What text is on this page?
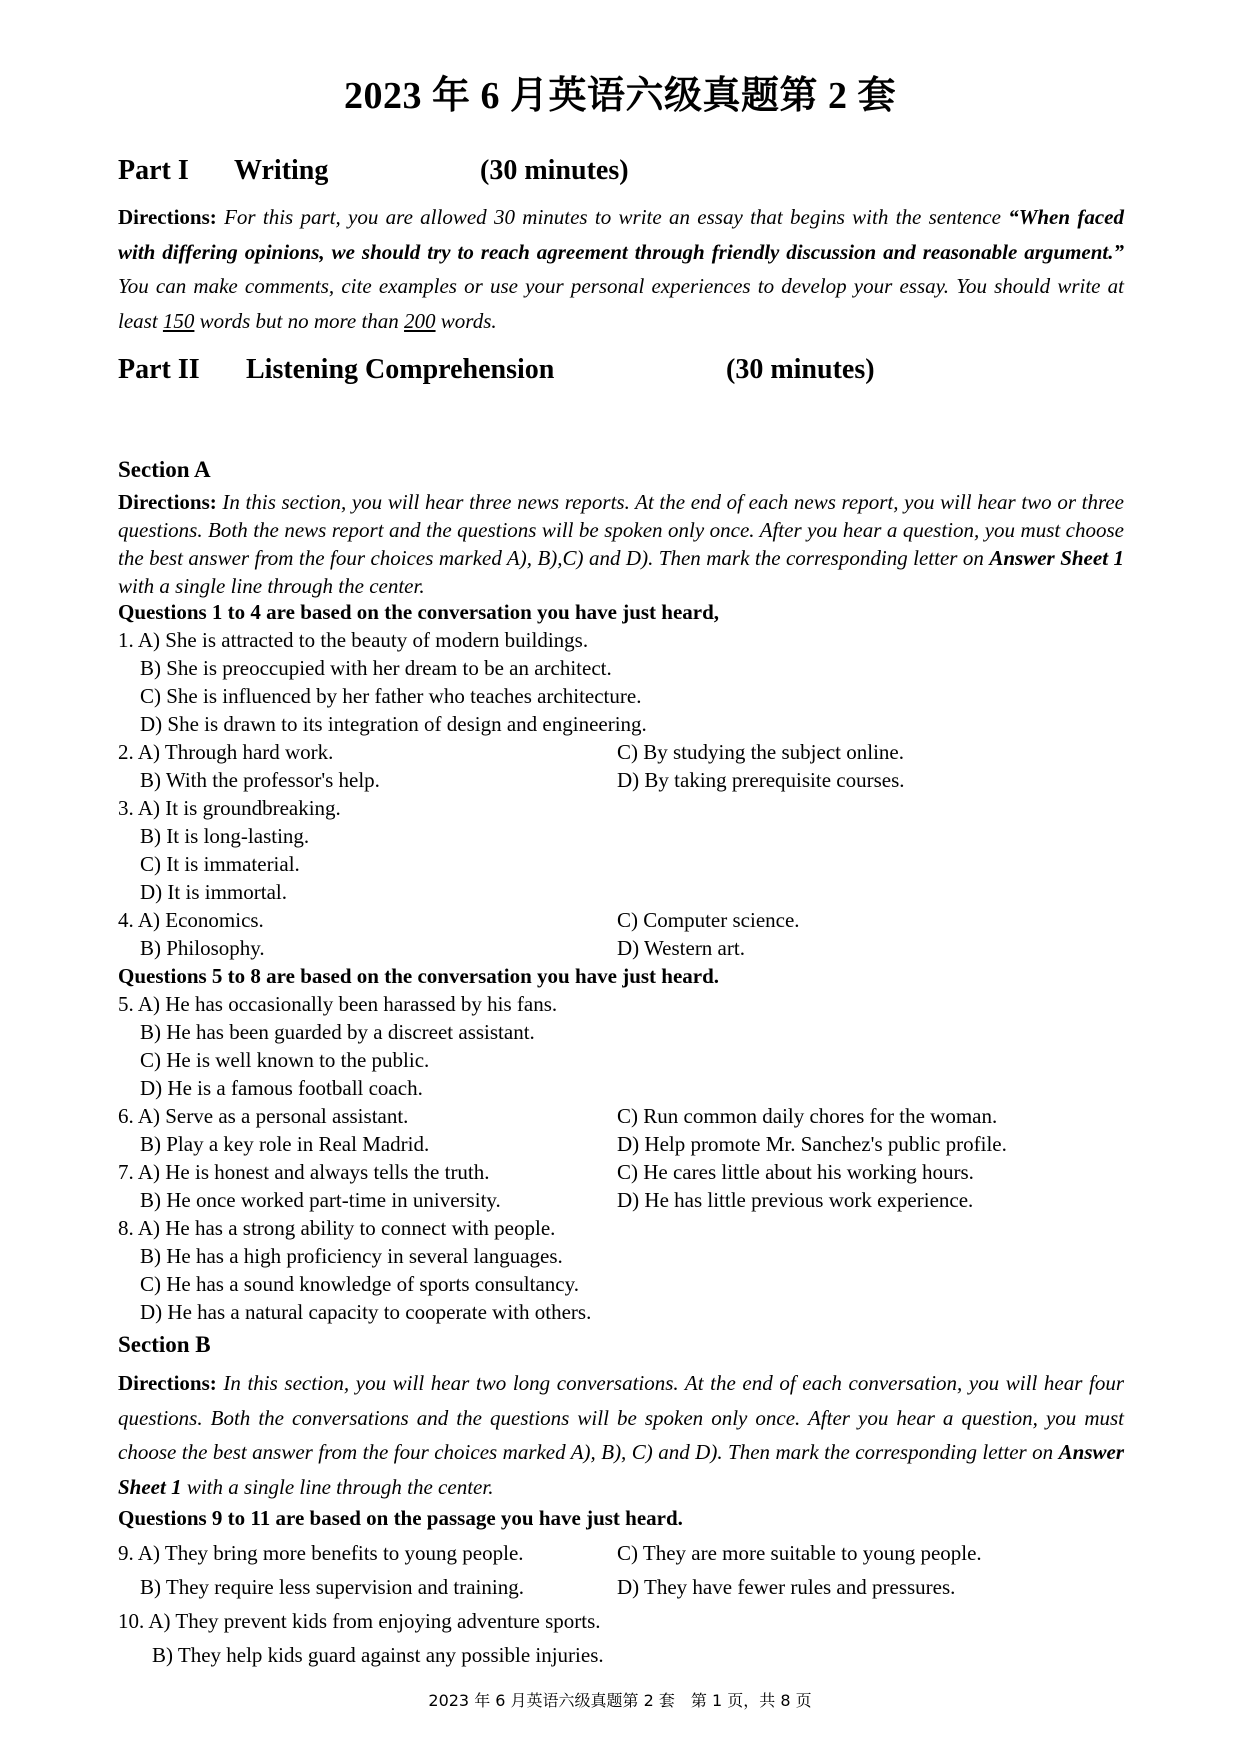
2023 年 6 月英语六级真题第 2 套
Part I Writing	(30 minutes)
Directions: For this part, you are allowed 30 minutes to write an essay that begins with the sentence “When faced with differing opinions, we should try to reach agreement through friendly discussion and reasonable argument.” You can make comments, cite examples or use your personal experiences to develop your essay. You should write at least 150 words but no more than 200 words.
Part II Listening Comprehension	(30 minutes)
Section A
Directions: In this section, you will hear three news reports. At the end of each news report, you will hear two or three questions. Both the news report and the questions will be spoken only once. After you hear a question, you must choose the best answer from the four choices marked A), B),C) and D). Then mark the corresponding letter on Answer Sheet 1 with a single line through the center.
Questions 1 to 4 are based on the conversation you have just heard,
1. A) She is attracted to the beauty of modern buildings.
B) She is preoccupied with her dream to be an architect.
C) She is influenced by her father who teaches architecture.
D) She is drawn to its integration of design and engineering.
2. A) Through hard work.	C) By studying the subject online.
B) With the professor's help.	D) By taking prerequisite courses.
3. A) It is groundbreaking.
B) It is long-lasting.
C) It is immaterial.
D) It is immortal.
4. A) Economics.	C) Computer science.
B) Philosophy.	D) Western art.
Questions 5 to 8 are based on the conversation you have just heard.
5. A) He has occasionally been harassed by his fans.
B) He has been guarded by a discreet assistant.
C) He is well known to the public.
D) He is a famous football coach.
6. A) Serve as a personal assistant.	C) Run common daily chores for the woman.
B) Play a key role in Real Madrid.	D) Help promote Mr. Sanchez's public profile.
7. A) He is honest and always tells the truth.	C) He cares little about his working hours.
B) He once worked part-time in university.	D) He has little previous work experience.
8. A) He has a strong ability to connect with people.
B) He has a high proficiency in several languages.
C) He has a sound knowledge of sports consultancy.
D) He has a natural capacity to cooperate with others.
Section B
Directions: In this section, you will hear two long conversations. At the end of each conversation, you will hear four questions. Both the conversations and the questions will be spoken only once. After you hear a question, you must choose the best answer from the four choices marked A), B), C) and D). Then mark the corresponding letter on Answer Sheet 1 with a single line through the center.
Questions 9 to 11 are based on the passage you have just heard.
9. A) They bring more benefits to young people.	C) They are more suitable to young people.
B) They require less supervision and training.	D) They have fewer rules and pressures.
10. A) They prevent kids from enjoying adventure sports.
B) They help kids guard against any possible injuries.
2023 年 6 月英语六级真题第 2 套　第 1 页，共 8 页
